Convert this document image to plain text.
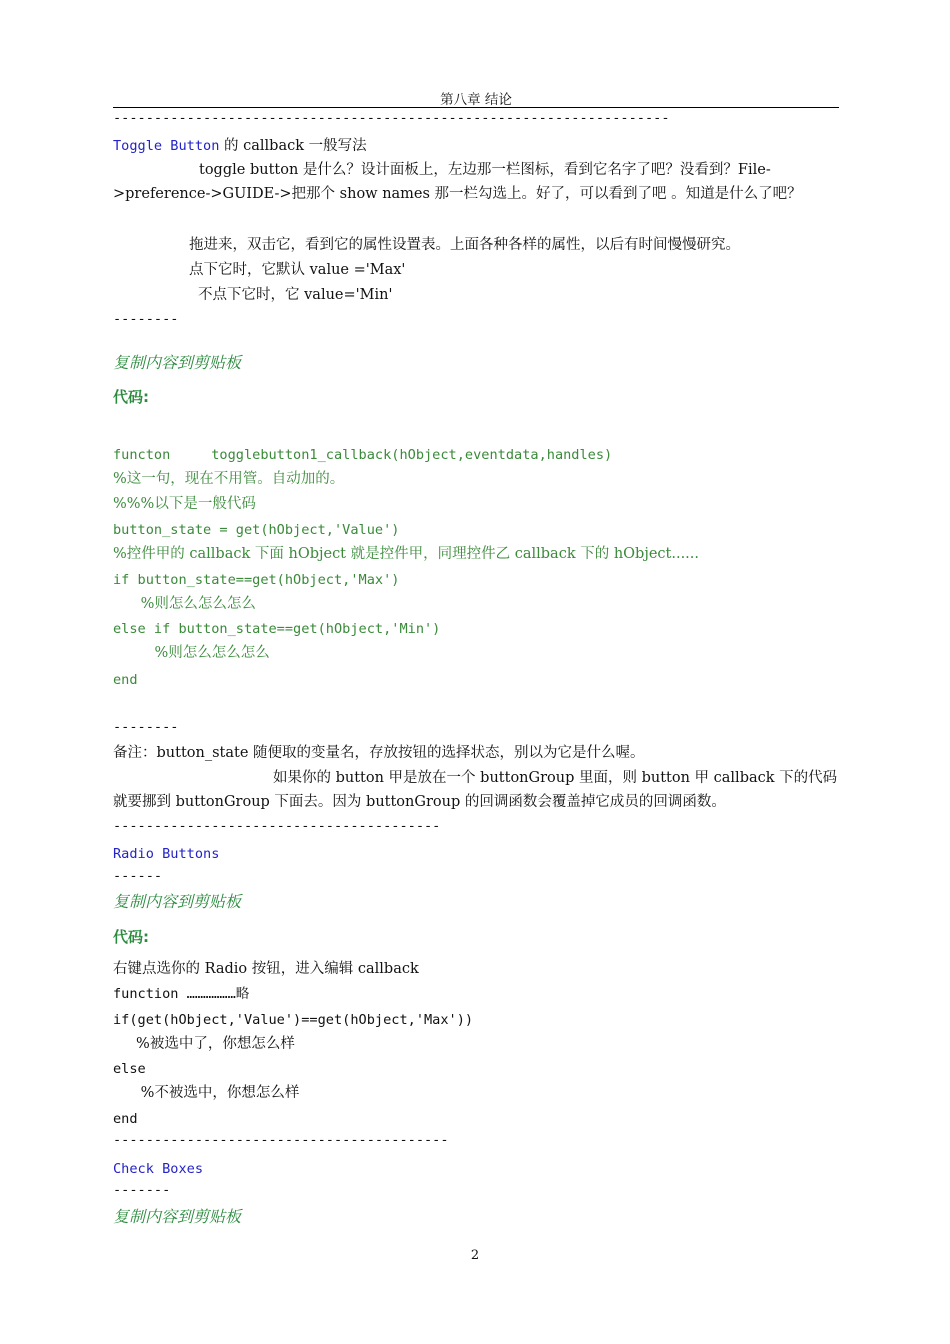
第八章 结论
--------------------------------------------------------------------
Toggle Button 的 callback 一般写法
toggle button 是什么？设计面板上，左边那一栏图标，看到它名字了吧？没看到？File->preference->GUIDE->把那个 show names 那一栏勾选上。好了，可以看到了吧 。知道是什么了吧？
拖进来，双击它，看到它的属性设置表。上面各种各样的属性，以后有时间慢慢研究。
点下它时，它默认 value ='Max'
不点下它时，它 value='Min'
--------
复制内容到剪贴板
代码:
functon     togglebutton1_callback(hObject,eventdata,handles)
%这一句，现在不用管。自动加的。
%%%以下是一般代码
button_state = get(hObject,'Value')
%控件甲的 callback 下面 hObject 就是控件甲，同理控件乙 callback 下的 hObject......
if button_state==get(hObject,'Max')
%则怎么怎么怎么
else if button_state==get(hObject,'Min')
%则怎么怎么怎么
end
--------
备注：button_state 随便取的变量名，存放按钮的选择状态，别以为它是什么喔。
如果你的 button 甲是放在一个 buttonGroup 里面，则 button 甲 callback 下的代码就要挪到 buttonGroup 下面去。因为 buttonGroup 的回调函数会覆盖掉它成员的回调函数。
----------------------------------------
Radio Buttons
------
复制内容到剪贴板
代码:
右键点选你的 Radio 按钮，进入编辑 callback
function ………………略
if(get(hObject,'Value')==get(hObject,'Max'))
%被选中了，你想怎么样
else
%不被选中，你想怎么样
end
-----------------------------------------
Check Boxes
-------
复制内容到剪贴板
2
